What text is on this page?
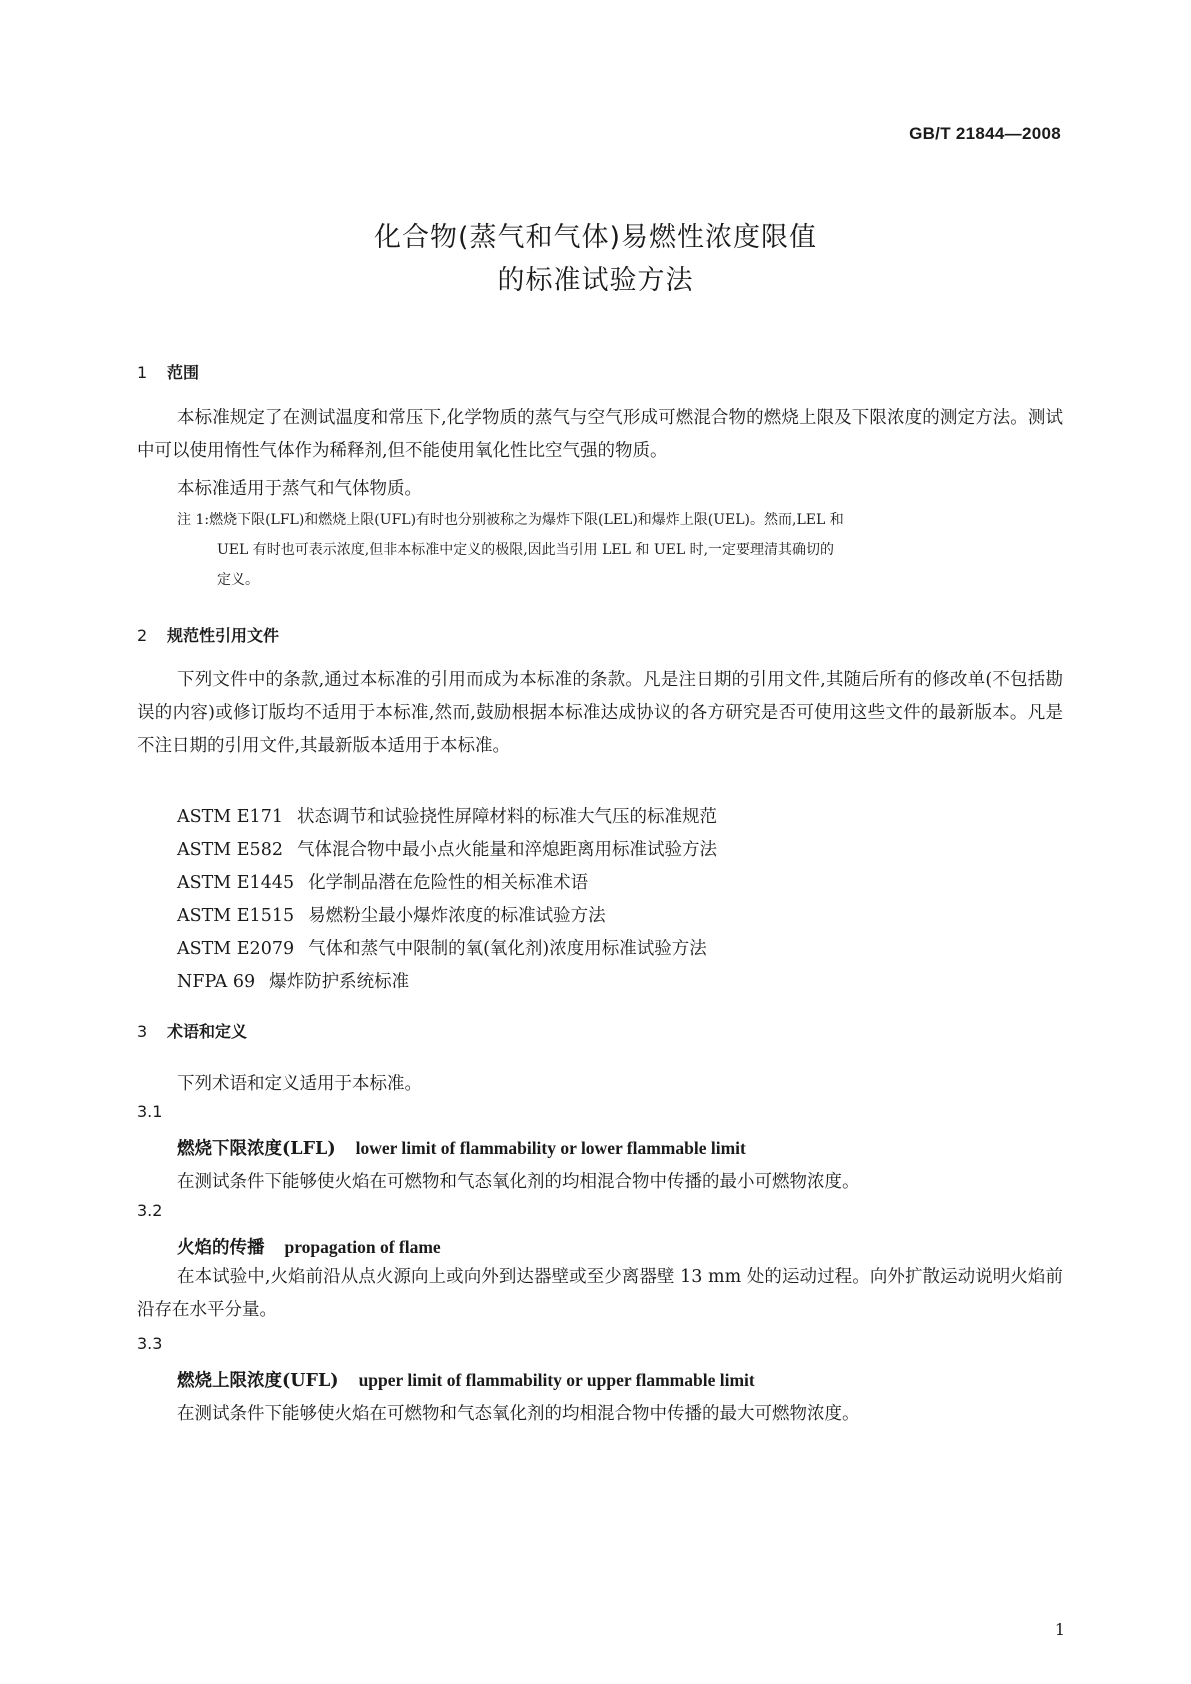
GB/T 21844—2008
化合物(蒸气和气体)易燃性浓度限值
的标准试验方法
1 范围
本标准规定了在测试温度和常压下,化学物质的蒸气与空气形成可燃混合物的燃烧上限及下限浓度的测定方法。测试中可以使用惰性气体作为稀释剂,但不能使用氧化性比空气强的物质。
本标准适用于蒸气和气体物质。
注 1:燃烧下限(LFL)和燃烧上限(UFL)有时也分别被称之为爆炸下限(LEL)和爆炸上限(UEL)。然而,LEL 和
UEL 有时也可表示浓度,但非本标准中定义的极限,因此当引用 LEL 和 UEL 时,一定要理清其确切的
定义。
2 规范性引用文件
下列文件中的条款,通过本标准的引用而成为本标准的条款。凡是注日期的引用文件,其随后所有的修改单(不包括勘误的内容)或修订版均不适用于本标准,然而,鼓励根据本标准达成协议的各方研究是否可使用这些文件的最新版本。凡是不注日期的引用文件,其最新版本适用于本标准。
ASTM E171 状态调节和试验挠性屏障材料的标准大气压的标准规范
ASTM E582 气体混合物中最小点火能量和淬熄距离用标准试验方法
ASTM E1445 化学制品潜在危险性的相关标准术语
ASTM E1515 易燃粉尘最小爆炸浓度的标准试验方法
ASTM E2079 气体和蒸气中限制的氧(氧化剂)浓度用标准试验方法
NFPA 69 爆炸防护系统标准
3 术语和定义
下列术语和定义适用于本标准。
3.1
燃烧下限浓度(LFL) lower limit of flammability or lower flammable limit
在测试条件下能够使火焰在可燃物和气态氧化剂的均相混合物中传播的最小可燃物浓度。
3.2
火焰的传播 propagation of flame
在本试验中,火焰前沿从点火源向上或向外到达器壁或至少离器壁 13 mm 处的运动过程。向外扩散运动说明火焰前沿存在水平分量。
3.3
燃烧上限浓度(UFL) upper limit of flammability or upper flammable limit
在测试条件下能够使火焰在可燃物和气态氧化剂的均相混合物中传播的最大可燃物浓度。
1
